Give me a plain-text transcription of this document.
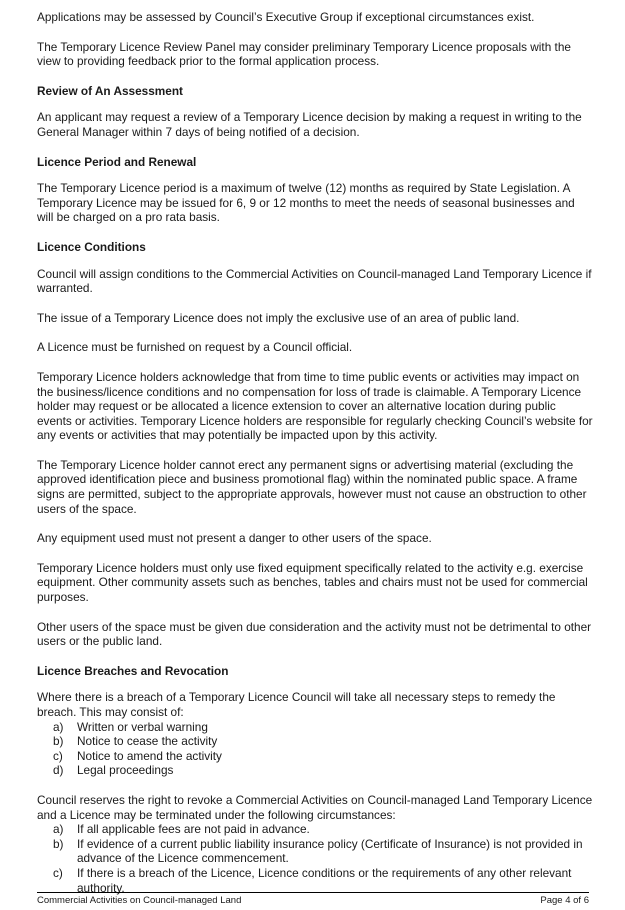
Applications may be assessed by Council’s Executive Group if exceptional circumstances exist.

The Temporary Licence Review Panel may consider preliminary Temporary Licence proposals with the view to providing feedback prior to the formal application process.

Review of An Assessment

An applicant may request a review of a Temporary Licence decision by making a request in writing to the General Manager within 7 days of being notified of a decision.

Licence Period and Renewal

The Temporary Licence period is a maximum of twelve (12) months as required by State Legislation. A Temporary Licence may be issued for 6, 9 or 12 months to meet the needs of seasonal businesses and will be charged on a pro rata basis.

Licence Conditions

Council will assign conditions to the Commercial Activities on Council-managed Land Temporary Licence if warranted.

The issue of a Temporary Licence does not imply the exclusive use of an area of public land.

A Licence must be furnished on request by a Council official.

Temporary Licence holders acknowledge that from time to time public events or activities may impact on the business/licence conditions and no compensation for loss of trade is claimable. A Temporary Licence holder may request or be allocated a licence extension to cover an alternative location during public events or activities. Temporary Licence holders are responsible for regularly checking Council’s website for any events or activities that may potentially be impacted upon by this activity.

The Temporary Licence holder cannot erect any permanent signs or advertising material (excluding the approved identification piece and business promotional flag) within the nominated public space. A frame signs are permitted, subject to the appropriate approvals, however must not cause an obstruction to other users of the space.

Any equipment used must not present a danger to other users of the space.

Temporary Licence holders must only use fixed equipment specifically related to the activity e.g. exercise equipment. Other community assets such as benches, tables and chairs must not be used for commercial purposes.

Other users of the space must be given due consideration and the activity must not be detrimental to other users or the public land.

Licence Breaches and Revocation

Where there is a breach of a Temporary Licence Council will take all necessary steps to remedy the breach. This may consist of:

a)	Written or verbal warning
b)	Notice to cease the activity
c)	Notice to amend the activity
d)	Legal proceedings

Council reserves the right to revoke a Commercial Activities on Council-managed Land Temporary Licence and a Licence may be terminated under the following circumstances:

a)	If all applicable fees are not paid in advance.
b)	If evidence of a current public liability insurance policy (Certificate of Insurance) is not provided in advance of the Licence commencement.
c)	If there is a breach of the Licence, Licence conditions or the requirements of any other relevant authority.
Commercial Activities on Council-managed Land	Page 4 of 6
